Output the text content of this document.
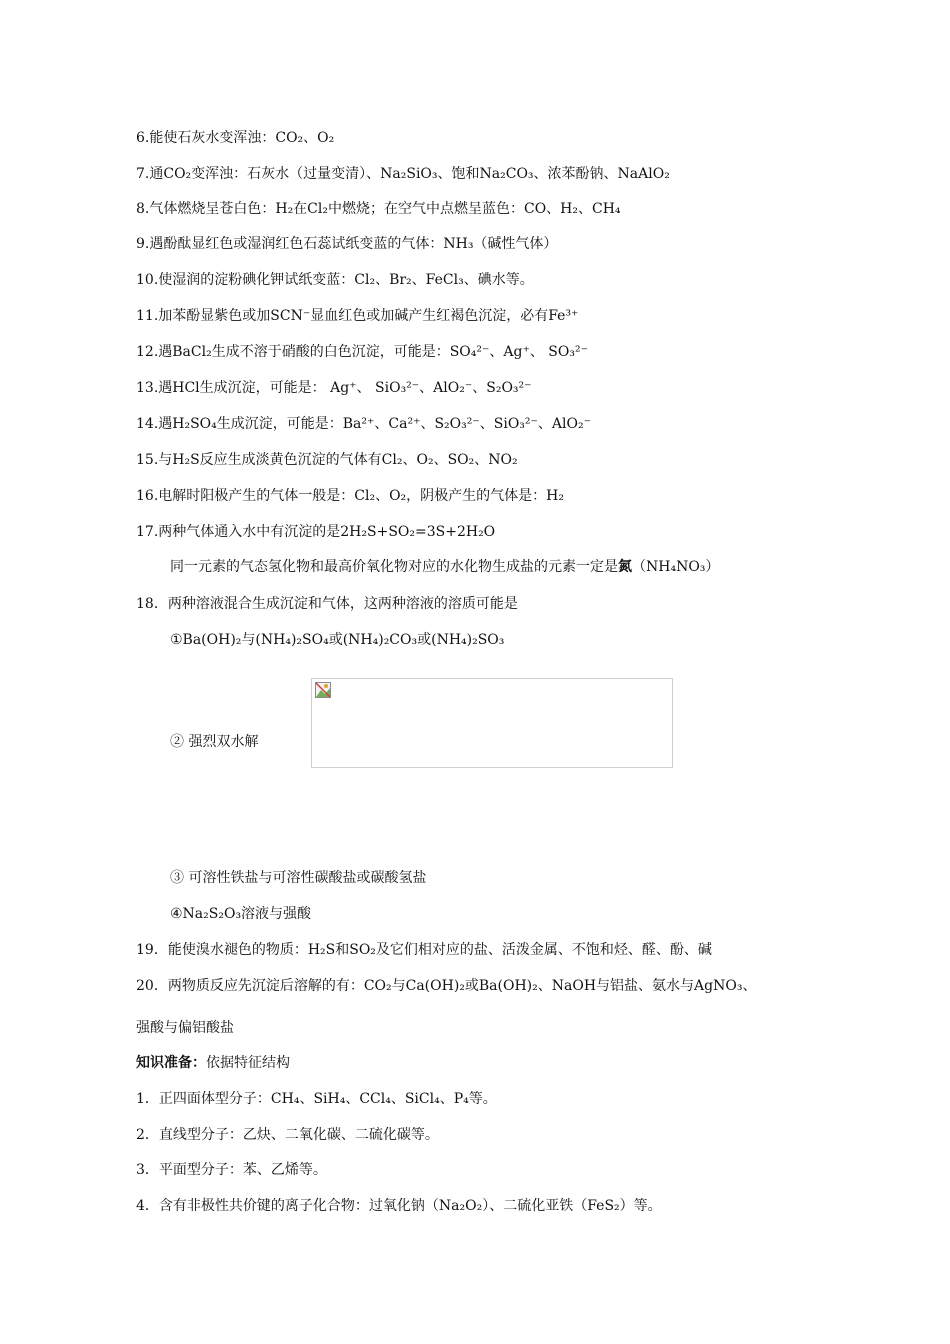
6.能使石灰水变浑浊：CO₂、O₂
7.通CO₂变浑浊：石灰水（过量变清）、Na₂SiO₃、饱和Na₂CO₃、浓苯酚钠、NaAlO₂
8.气体燃烧呈苍白色：H₂在Cl₂中燃烧；在空气中点燃呈蓝色：CO、H₂、CH₄
9.遇酚酞显红色或湿润红色石蕊试纸变蓝的气体：NH₃（碱性气体）
10.使湿润的淀粉碘化钾试纸变蓝：Cl₂、Br₂、FeCl₃、碘水等。
11.加苯酚显紫色或加SCN⁻显血红色或加碱产生红褐色沉淀，必有Fe³⁺
12.遇BaCl₂生成不溶于硝酸的白色沉淀，可能是：SO₄²⁻、Ag⁺、 SO₃²⁻
13.遇HCl生成沉淀，可能是： Ag⁺、 SiO₃²⁻、AlO₂⁻、S₂O₃²⁻
14.遇H₂SO₄生成沉淀，可能是：Ba²⁺、Ca²⁺、S₂O₃²⁻、SiO₃²⁻、AlO₂⁻
15.与H₂S反应生成淡黄色沉淀的气体有Cl₂、O₂、SO₂、NO₂
16.电解时阳极产生的气体一般是：Cl₂、O₂，阴极产生的气体是：H₂
17.两种气体通入水中有沉淀的是2H₂S+SO₂=3S+2H₂O
同一元素的气态氢化物和最高价氧化物对应的水化物生成盐的元素一定是氮（NH₄NO₃）
18．两种溶液混合生成沉淀和气体，这两种溶液的溶质可能是
①Ba(OH)₂与(NH₄)₂SO₄或(NH₄)₂CO₃或(NH₄)₂SO₃
② 强烈双水解
③ 可溶性铁盐与可溶性碳酸盐或碳酸氢盐
④Na₂S₂O₃溶液与强酸
19．能使溴水褪色的物质：H₂S和SO₂及它们相对应的盐、活泼金属、不饱和烃、醛、酚、碱
20．两物质反应先沉淀后溶解的有：CO₂与Ca(OH)₂或Ba(OH)₂、NaOH与铝盐、氨水与AgNO₃、
强酸与偏铝酸盐
知识准备：依据特征结构
1．正四面体型分子：CH₄、SiH₄、CCl₄、SiCl₄、P₄等。
2．直线型分子：乙炔、二氧化碳、二硫化碳等。
3．平面型分子：苯、乙烯等。
4．含有非极性共价键的离子化合物：过氧化钠（Na₂O₂）、二硫化亚铁（FeS₂）等。
